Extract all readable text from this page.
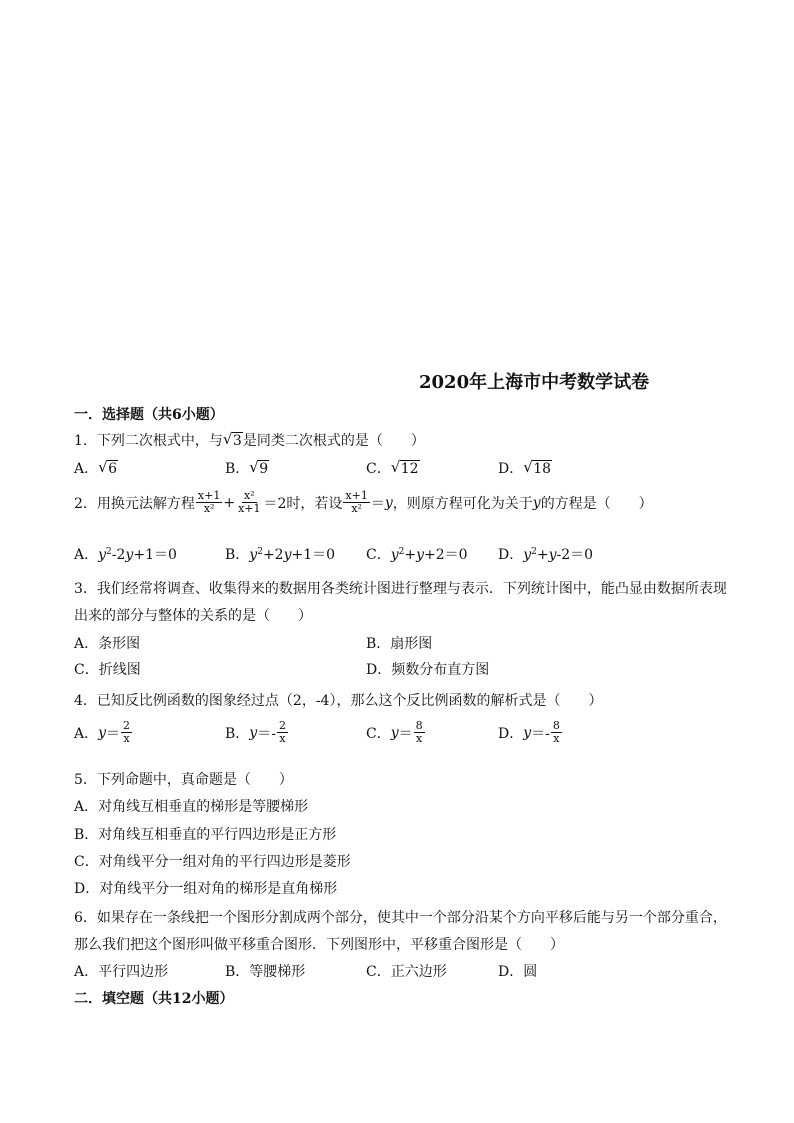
2020年上海市中考数学试卷
一．选择题（共6小题）
1．下列二次根式中，与 √ 3是同类二次根式的是（　　）
A． √ 6	B． √ 9	C． √ 12	D． √ 18
2．用换元法解方程 $\frac{x+1}{\text{x²}} + \frac{\text{x²}}{x+1} =2$时，若设 $\frac{x+1}{\text{x²}} = y$ ，则原方程可化为关于 y 的方程是（　　）
A．$y^2-2y+1=0$	B．$y^2+2y+1=0$ C．$y^2+y+2=0$ D．$y^2+y-2=0$
3．我们经常将调查、收集得来的数据用各类统计图进行整理与表示．下列统计图中，能凸显由数据所表现
出来的部分与整体的关系的是（　　）
A．条形图	B．扇形图
C．折线图	D．频数分布直方图
4．已知反比例函数的图象经过点（2，-4），那么这个反比例函数的解析式是（　　）
A． $y = \frac{2}{x}$	B． $y =- \frac{2}{x}$	C． $y = \frac{8}{x}$	D． $y =- \frac{8}{x}$
5．下列命题中，真命题是（　　）
A．对角线互相垂直的梯形是等腰梯形
B．对角线互相垂直的平行四边形是正方形
C．对角线平分一组对角的平行四边形是菱形
D．对角线平分一组对角的梯形是直角梯形
6．如果存在一条线把一个图形分割成两个部分，使其中一个部分沿某个方向平移后能与另一个部分重合，
那么我们把这个图形叫做平移重合图形．下列图形中，平移重合图形是（　　）
A．平行四边形	B．等腰梯形	C．正六边形	D．圆
二．填空题（共12小题）
